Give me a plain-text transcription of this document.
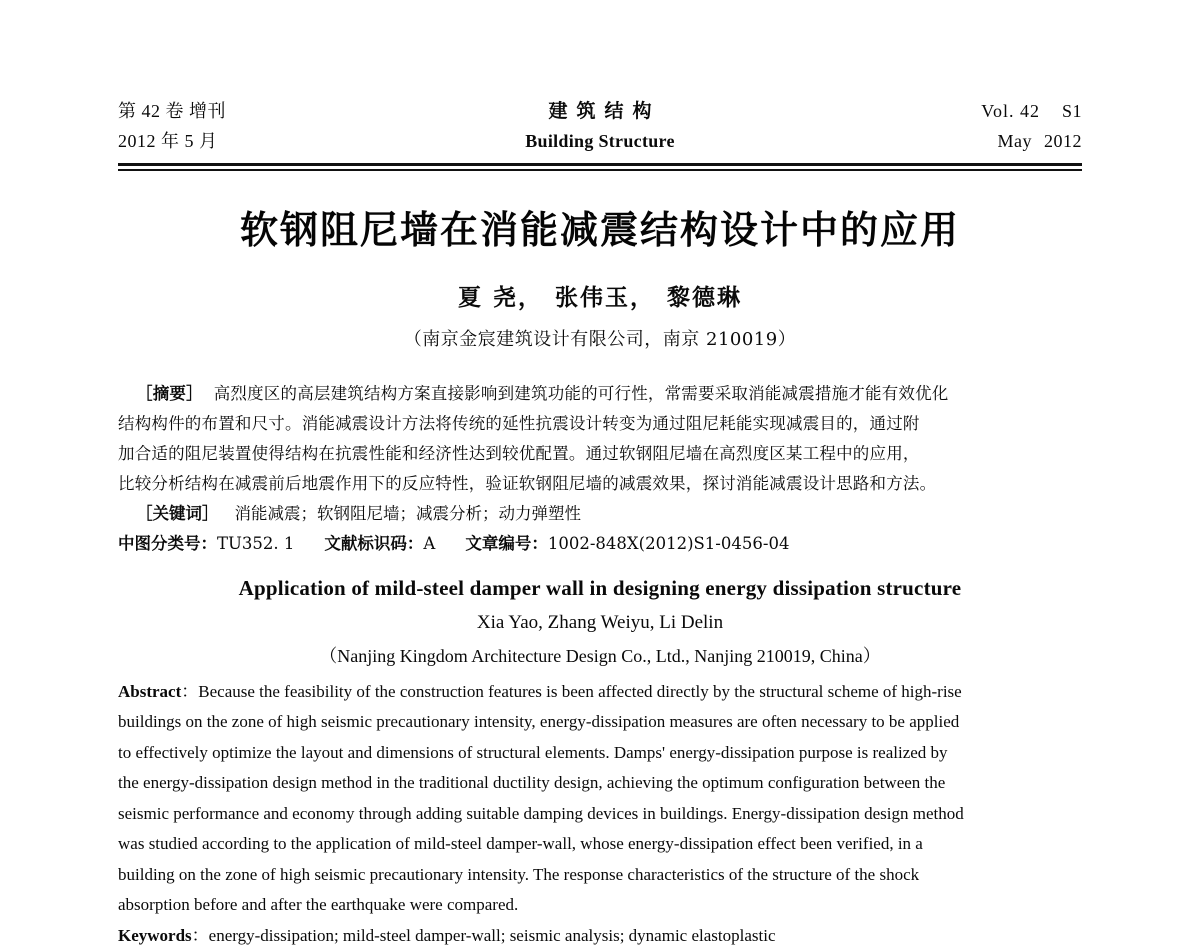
第 42 卷 增刊	建筑结构	Vol. 42 S1
2012 年 5 月	Building Structure	May 2012
软钢阻尼墙在消能减震结构设计中的应用
夏 尧， 张伟玉， 黎德琳
（南京金宸建筑设计有限公司，南京 210019）

［摘要］ 高烈度区的高层建筑结构方案直接影响到建筑功能的可行性，常需要采取消能减震措施才能有效优化

结构构件的布置和尺寸。消能减震设计方法将传统的延性抗震设计转变为通过阻尼耗能实现减震目的，通过附

加合适的阻尼装置使得结构在抗震性能和经济性达到较优配置。通过软钢阻尼墙在高烈度区某工程中的应用，

比较分析结构在减震前后地震作用下的反应特性，验证软钢阻尼墙的减震效果，探讨消能减震设计思路和方法。

［关键词］ 消能减震；软钢阻尼墙；减震分析；动力弹塑性
中图分类号：TU352. 1 文献标识码：A 文章编号：1002-848X(2012)S1-0456-04
Application of mild-steel damper wall in designing energy dissipation structure
Xia Yao, Zhang Weiyu, Li Delin
（Nanjing Kingdom Architecture Design Co., Ltd., Nanjing 210019, China）

Abstract：Because the feasibility of the construction features is been affected directly by the structural scheme of high-rise

buildings on the zone of high seismic precautionary intensity, energy-dissipation measures are often necessary to be applied

to effectively optimize the layout and dimensions of structural elements. Damps' energy-dissipation purpose is realized by

the energy-dissipation design method in the traditional ductility design, achieving the optimum configuration between the

seismic performance and economy through adding suitable damping devices in buildings. Energy-dissipation design method

was studied according to the application of mild-steel damper-wall, whose energy-dissipation effect been verified, in a

building on the zone of high seismic precautionary intensity. The response characteristics of the structure of the shock

absorption before and after the earthquake were compared.

Keywords：energy-dissipation; mild-steel damper-wall; seismic analysis; dynamic elastoplastic
